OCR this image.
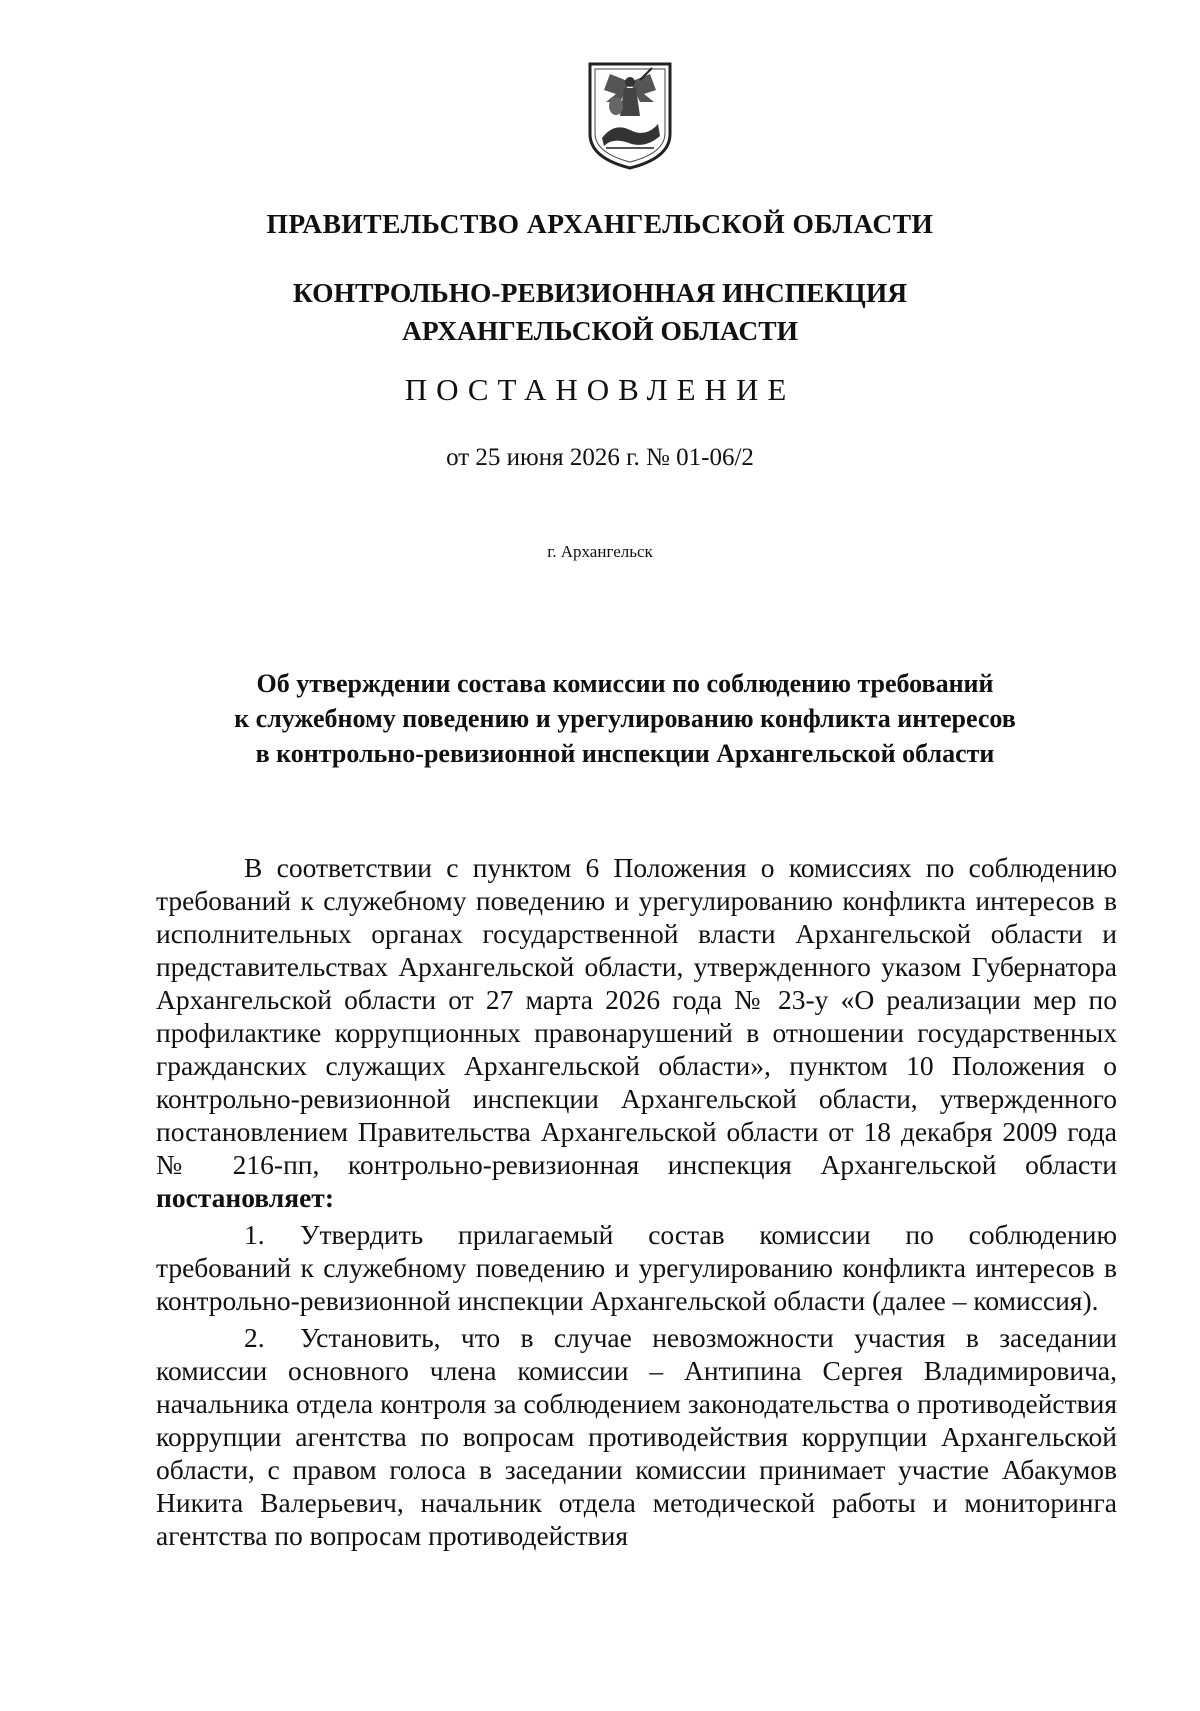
ПРАВИТЕЛЬСТВО АРХАНГЕЛЬСКОЙ ОБЛАСТИ
КОНТРОЛЬНО-РЕВИЗИОННАЯ ИНСПЕКЦИЯ
АРХАНГЕЛЬСКОЙ ОБЛАСТИ
ПОСТАНОВЛЕНИЕ
от 25 июня 2026 г. № 01-06/2
г. Архангельск
Об утверждении состава комиссии по соблюдению требований
к служебному поведению и урегулированию конфликта интересов
в контрольно-ревизионной инспекции Архангельской области

В соответствии с пунктом 6 Положения о комиссиях по соблюдению требований к служебному поведению и урегулированию конфликта интересов в исполнительных органах государственной власти Архангельской области и представительствах Архангельской области, утвержденного указом Губернатора Архангельской области от 27 марта 2026 года № 23-у «О реализации мер по профилактике коррупционных правонарушений в отношении государственных гражданских служащих Архангельской области», пунктом 10 Положения о контрольно-ревизионной инспекции Архангельской области, утвержденного постановлением Правительства Архангельской области от 18 декабря 2009 года № 216-пп, контрольно-ревизионная инспекция Архангельской области постановляет:

1. Утвердить прилагаемый состав комиссии по соблюдению требований к служебному поведению и урегулированию конфликта интересов в контрольно-ревизионной инспекции Архангельской области (далее – комиссия).

2. Установить, что в случае невозможности участия в заседании комиссии основного члена комиссии – Антипина Сергея Владимировича, начальника отдела контроля за соблюдением законодательства о противодействия коррупции агентства по вопросам противодействия коррупции Архангельской области, с правом голоса в заседании комиссии принимает участие Абакумов Никита Валерьевич, начальник отдела методической работы и мониторинга агентства по вопросам противодействия
